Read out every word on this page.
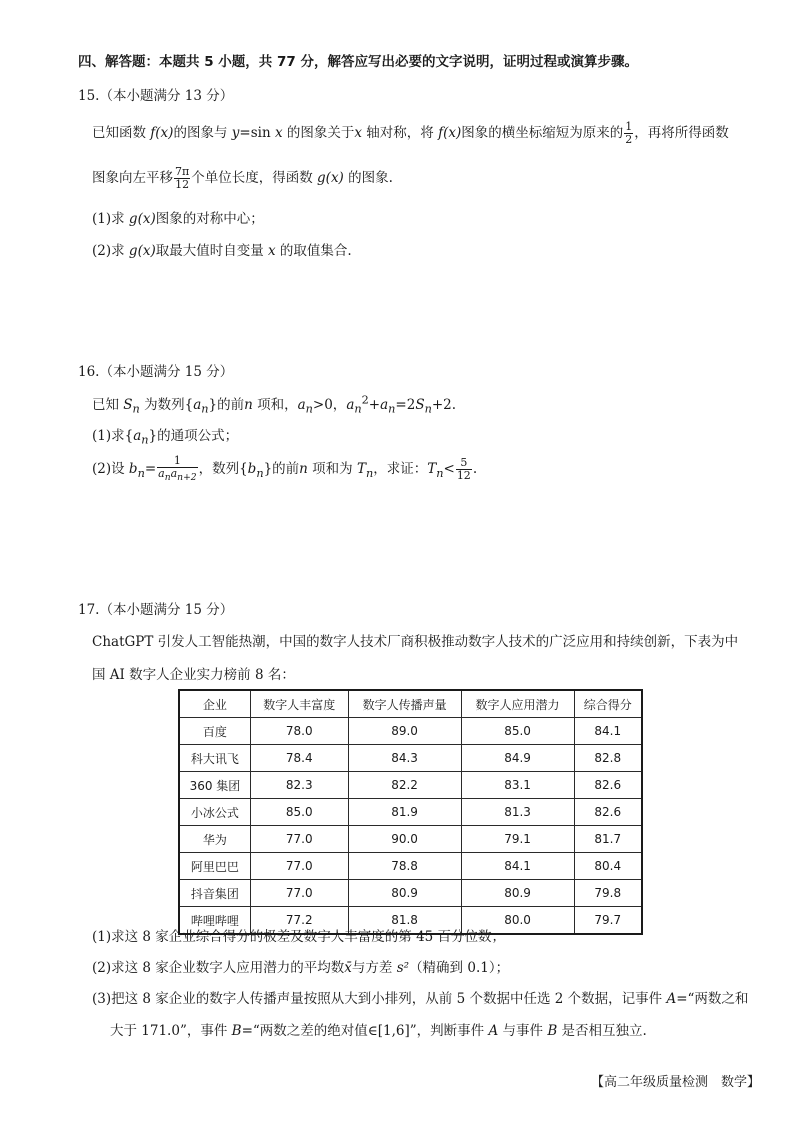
四、解答题：本题共 5 小题，共 77 分，解答应写出必要的文字说明，证明过程或演算步骤。
15.（本小题满分 13 分）
已知函数 f(x)的图象与 y=sin x 的图象关于x 轴对称，将 f(x)图象的横坐标缩短为原来的 $\frac{1}{2}$ ，再将所得函数
图象向左平移 $\frac{7\pi}{12}$ 个单位长度，得函数 g(x) 的图象.
(1)求 g(x)图象的对称中心；
(2)求 g(x)取最大值时自变量 x 的取值集合.
16.（本小题满分 15 分）
已知 $S_n$ 为数列$\{a_n\}$的前n 项和，$a_n>0$，$a_n^2+a_n=2S_n+2$.
(1)求$\{a_n\}$的通项公式；
(2)设 $b_n= \frac{1}{a_na_{n+2}}$ ，数列$\{b_n\}$的前n 项和为 $T_n$，求证：$T_n< \frac{5}{12}$ .
17.（本小题满分 15 分）
ChatGPT 引发人工智能热潮，中国的数字人技术厂商积极推动数字人技术的广泛应用和持续创新，下表为中
国 AI 数字人企业实力榜前 8 名：
企业	数字人丰富度	数字人传播声量	数字人应用潜力	综合得分
百度	78.0	89.0	85.0	84.1
科大讯飞	78.4	84.3	84.9	82.8
360 集团	82.3	82.2	83.1	82.6
小冰公式	85.0	81.9	81.3	82.6
华为	77.0	90.0	79.1	81.7
阿里巴巴	77.0	78.8	84.1	80.4
抖音集团	77.0	80.9	80.9	79.8
哔哩哔哩	77.2	81.8	80.0	79.7
(1)求这 8 家企业综合得分的极差及数字人丰富度的第 45 百分位数；
(2)求这 8 家企业数字人应用潜力的平均数x̄与方差 s²（精确到 0.1）；
(3)把这 8 家企业的数字人传播声量按照从大到小排列，从前 5 个数据中任选 2 个数据，记事件 A=“两数之和
大于 171.0”，事件 B=“两数之差的绝对值∈[1,6]”，判断事件 A 与事件 B 是否相互独立.
【高二年级质量检测　数学】
